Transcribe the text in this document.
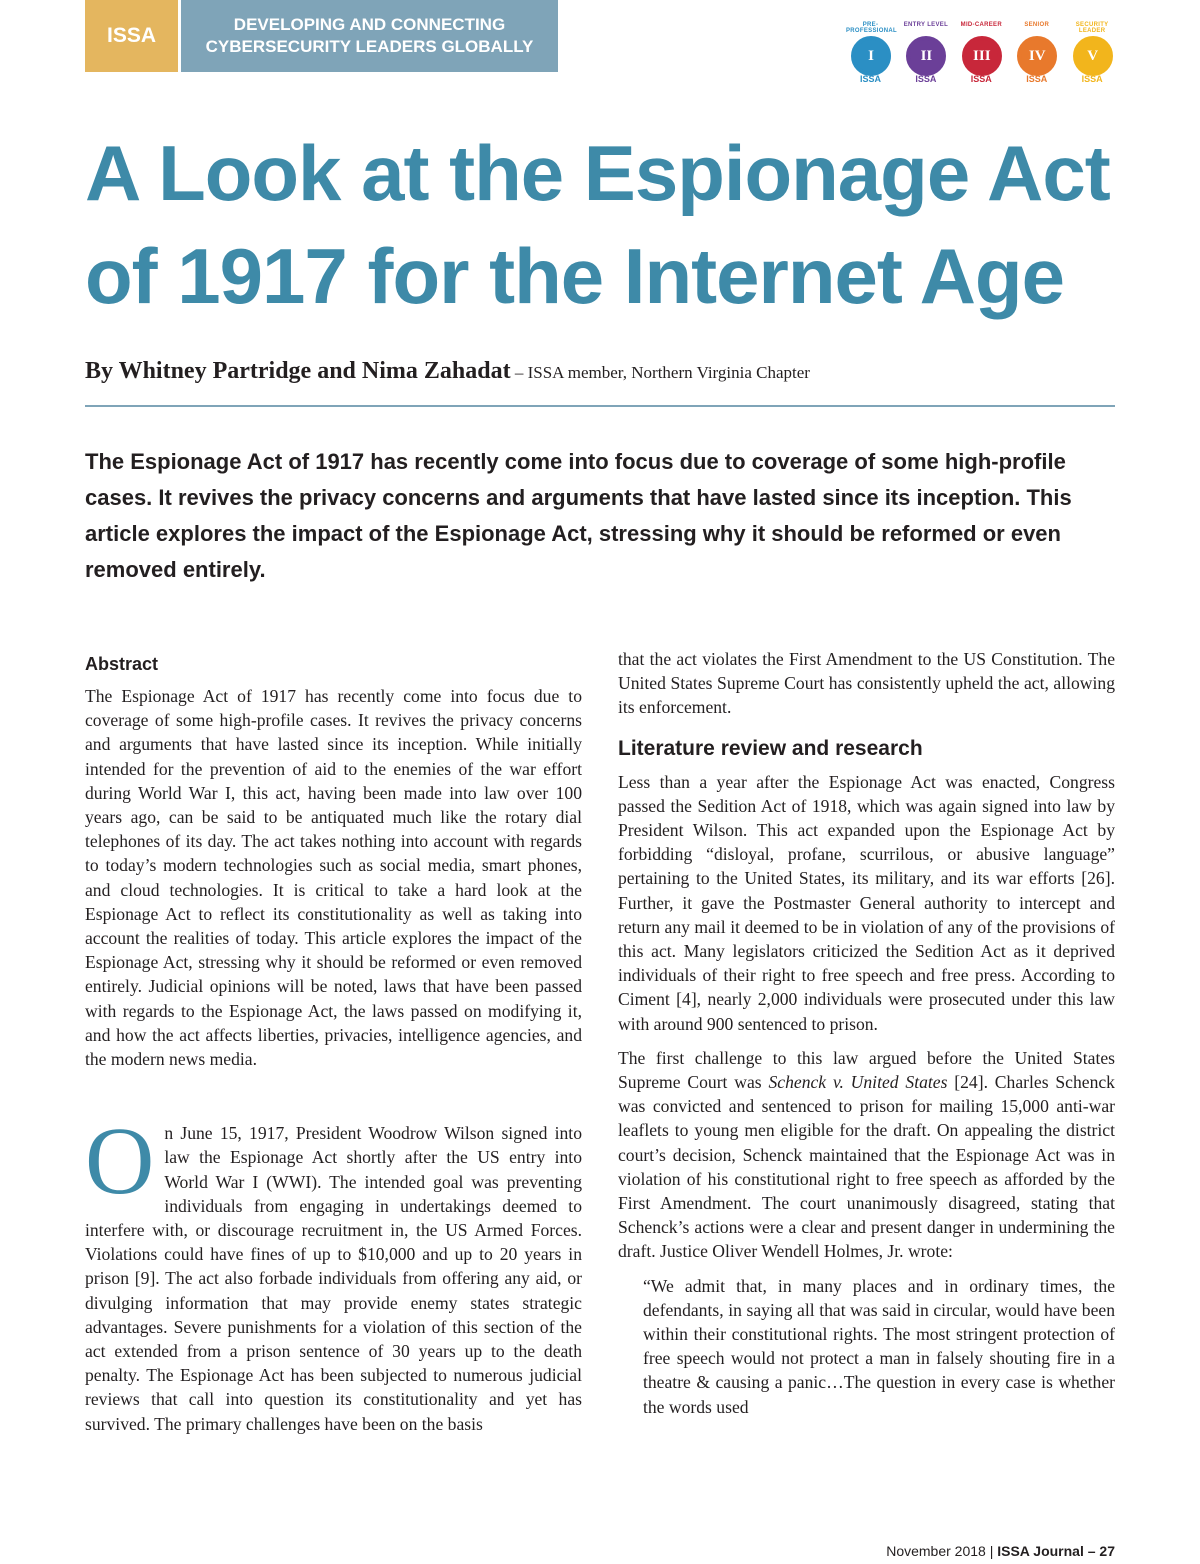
ISSA	DEVELOPING AND CONNECTING
CYBERSECURITY LEADERS GLOBALLY
PRE-PROFESSIONAL
I
ISSA
ENTRY LEVEL
II
ISSA
MID-CAREER
III
ISSA
SENIOR
IV
ISSA
SECURITY LEADER
V
ISSA
A Look at the Espionage Act
of 1917 for the Internet Age
By Whitney Partridge and Nima Zahadat – ISSA member, Northern Virginia Chapter

The Espionage Act of 1917 has recently come into focus due to coverage of some high-profile cases. It revives the privacy concerns and arguments that have lasted since its inception. This article explores the impact of the Espionage Act, stressing why it should be reformed or even removed entirely.

Abstract

The Espionage Act of 1917 has recently come into focus due to coverage of some high-profile cases. It revives the privacy concerns and arguments that have lasted since its inception. While initially intended for the prevention of aid to the enemies of the war effort during World War I, this act, having been made into law over 100 years ago, can be said to be antiquated much like the rotary dial telephones of its day. The act takes nothing into account with regards to today’s modern technologies such as social media, smart phones, and cloud technologies. It is critical to take a hard look at the Espionage Act to reflect its constitutionality as well as taking into account the realities of today. This article explores the impact of the Espionage Act, stressing why it should be reformed or even removed entirely. Judicial opinions will be noted, laws that have been passed with regards to the Espionage Act, the laws passed on modifying it, and how the act affects liberties, privacies, intelligence agencies, and the modern news media.

On June 15, 1917, President Woodrow Wilson signed into law the Espionage Act shortly after the US entry into World War I (WWI). The intended goal was preventing individuals from engaging in undertakings deemed to interfere with, or discourage recruitment in, the US Armed Forces. Violations could have fines of up to $10,000 and up to 20 years in prison [9]. The act also forbade individuals from offering any aid, or divulging information that may provide enemy states strategic advantages. Severe punishments for a violation of this section of the act extended from a prison sentence of 30 years up to the death penalty. The Espionage Act has been subjected to numerous judicial reviews that call into question its constitutionality and yet has survived. The primary challenges have been on the basis

that the act violates the First Amendment to the US Constitution. The United States Supreme Court has consistently upheld the act, allowing its enforcement.

Literature review and research

Less than a year after the Espionage Act was enacted, Congress passed the Sedition Act of 1918, which was again signed into law by President Wilson. This act expanded upon the Espionage Act by forbidding “disloyal, profane, scurrilous, or abusive language” pertaining to the United States, its military, and its war efforts [26]. Further, it gave the Postmaster General authority to intercept and return any mail it deemed to be in violation of any of the provisions of this act. Many legislators criticized the Sedition Act as it deprived individuals of their right to free speech and free press. According to Ciment [4], nearly 2,000 individuals were prosecuted under this law with around 900 sentenced to prison.

The first challenge to this law argued before the United States Supreme Court was Schenck v. United States [24]. Charles Schenck was convicted and sentenced to prison for mailing 15,000 anti-war leaflets to young men eligible for the draft. On appealing the district court’s decision, Schenck maintained that the Espionage Act was in violation of his constitutional right to free speech as afforded by the First Amendment. The court unanimously disagreed, stating that Schenck’s actions were a clear and present danger in undermining the draft. Justice Oliver Wendell Holmes, Jr. wrote:

“We admit that, in many places and in ordinary times, the defendants, in saying all that was said in circular, would have been within their constitutional rights. The most stringent protection of free speech would not protect a man in falsely shouting fire in a theatre & causing a panic…The question in every case is whether the words used

November 2018 | ISSA Journal – 27
